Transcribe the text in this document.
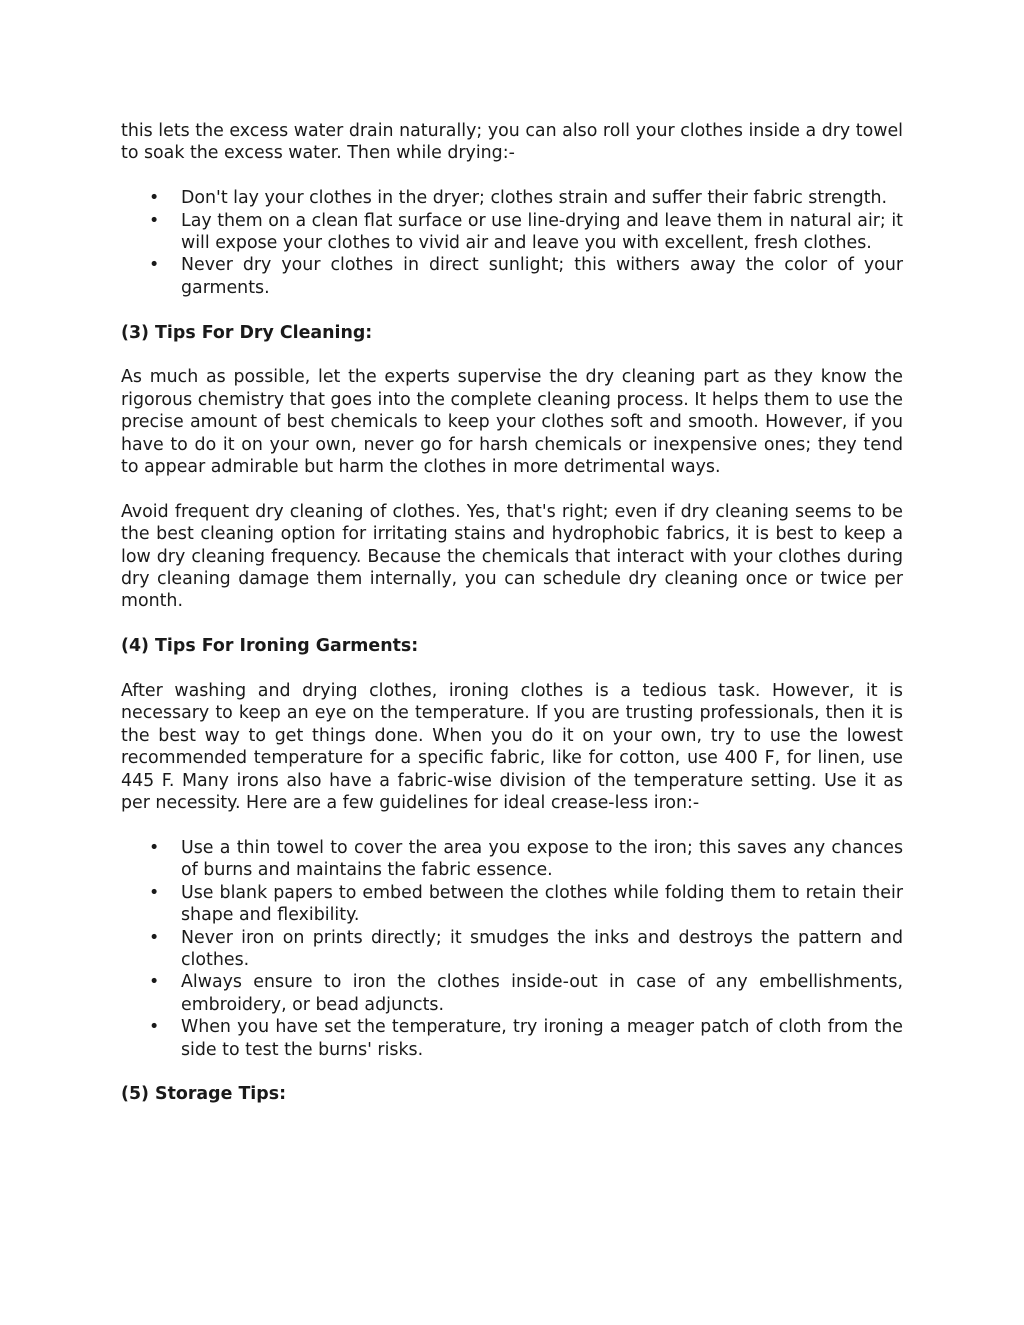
this lets the excess water drain naturally; you can also roll your clothes inside a dry towel to soak the excess water. Then while drying:-

• Don't lay your clothes in the dryer; clothes strain and suffer their fabric strength.
• Lay them on a clean flat surface or use line-drying and leave them in natural air; it will expose your clothes to vivid air and leave you with excellent, fresh clothes.
• Never dry your clothes in direct sunlight; this withers away the color of your garments.
(3) Tips For Dry Cleaning:

As much as possible, let the experts supervise the dry cleaning part as they know the rigorous chemistry that goes into the complete cleaning process. It helps them to use the precise amount of best chemicals to keep your clothes soft and smooth. However, if you have to do it on your own, never go for harsh chemicals or inexpensive ones; they tend to appear admirable but harm the clothes in more detrimental ways.

Avoid frequent dry cleaning of clothes. Yes, that's right; even if dry cleaning seems to be the best cleaning option for irritating stains and hydrophobic fabrics, it is best to keep a low dry cleaning frequency. Because the chemicals that interact with your clothes during dry cleaning damage them internally, you can schedule dry cleaning once or twice per month.

(4) Tips For Ironing Garments:

After washing and drying clothes, ironing clothes is a tedious task. However, it is necessary to keep an eye on the temperature. If you are trusting professionals, then it is the best way to get things done. When you do it on your own, try to use the lowest recommended temperature for a specific fabric, like for cotton, use 400 F, for linen, use 445 F. Many irons also have a fabric-wise division of the temperature setting. Use it as per necessity. Here are a few guidelines for ideal crease-less iron:-

• Use a thin towel to cover the area you expose to the iron; this saves any chances of burns and maintains the fabric essence.
• Use blank papers to embed between the clothes while folding them to retain their shape and flexibility.
• Never iron on prints directly; it smudges the inks and destroys the pattern and clothes.
• Always ensure to iron the clothes inside-out in case of any embellishments, embroidery, or bead adjuncts.
• When you have set the temperature, try ironing a meager patch of cloth from the side to test the burns' risks.
(5) Storage Tips:
